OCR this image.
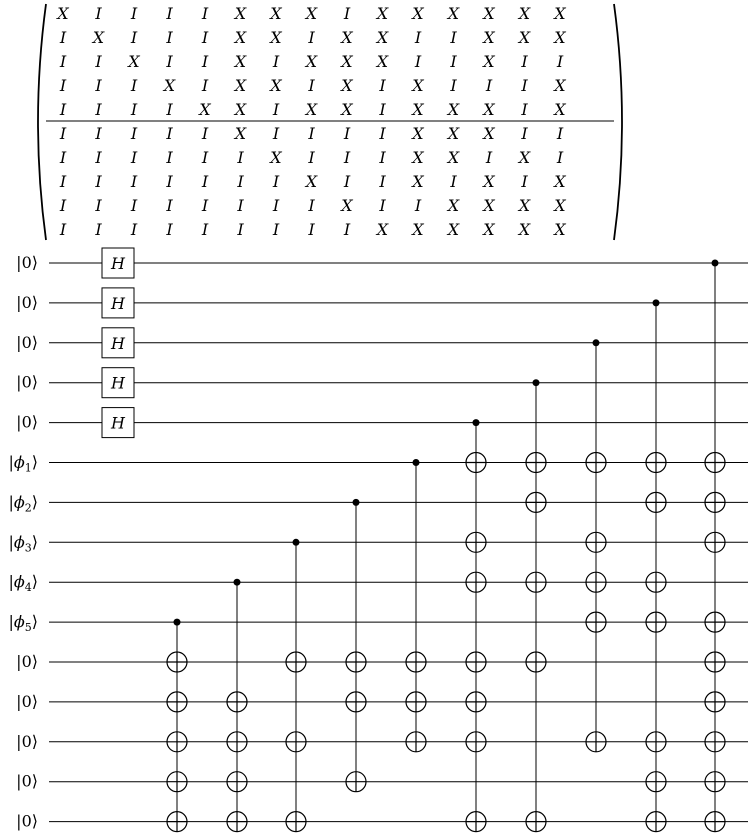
X I I I I X X X I X X X X X X
I X I I I X X I X X I I X X X
I I X I I X I X X X I I X I I
I I I X I X X I X I X I I I X
I I I I X X I X X I X X X I X
I I I I I X I I I I X X X I I
I I I I I I X I I I X X I X I
I I I I I I I X I I X I X I X
I I I I I I I I X I I X X X X
I I I I I I I I I X X X X X X
|0⟩
|0⟩
|0⟩
|0⟩
|0⟩
$|\phi_1⟩$
$|\phi_2⟩$
$|\phi_3⟩$
$|\phi_4⟩$
$|\phi_5⟩$
|0⟩
|0⟩
|0⟩
|0⟩
|0⟩
H
H
H
H
H
